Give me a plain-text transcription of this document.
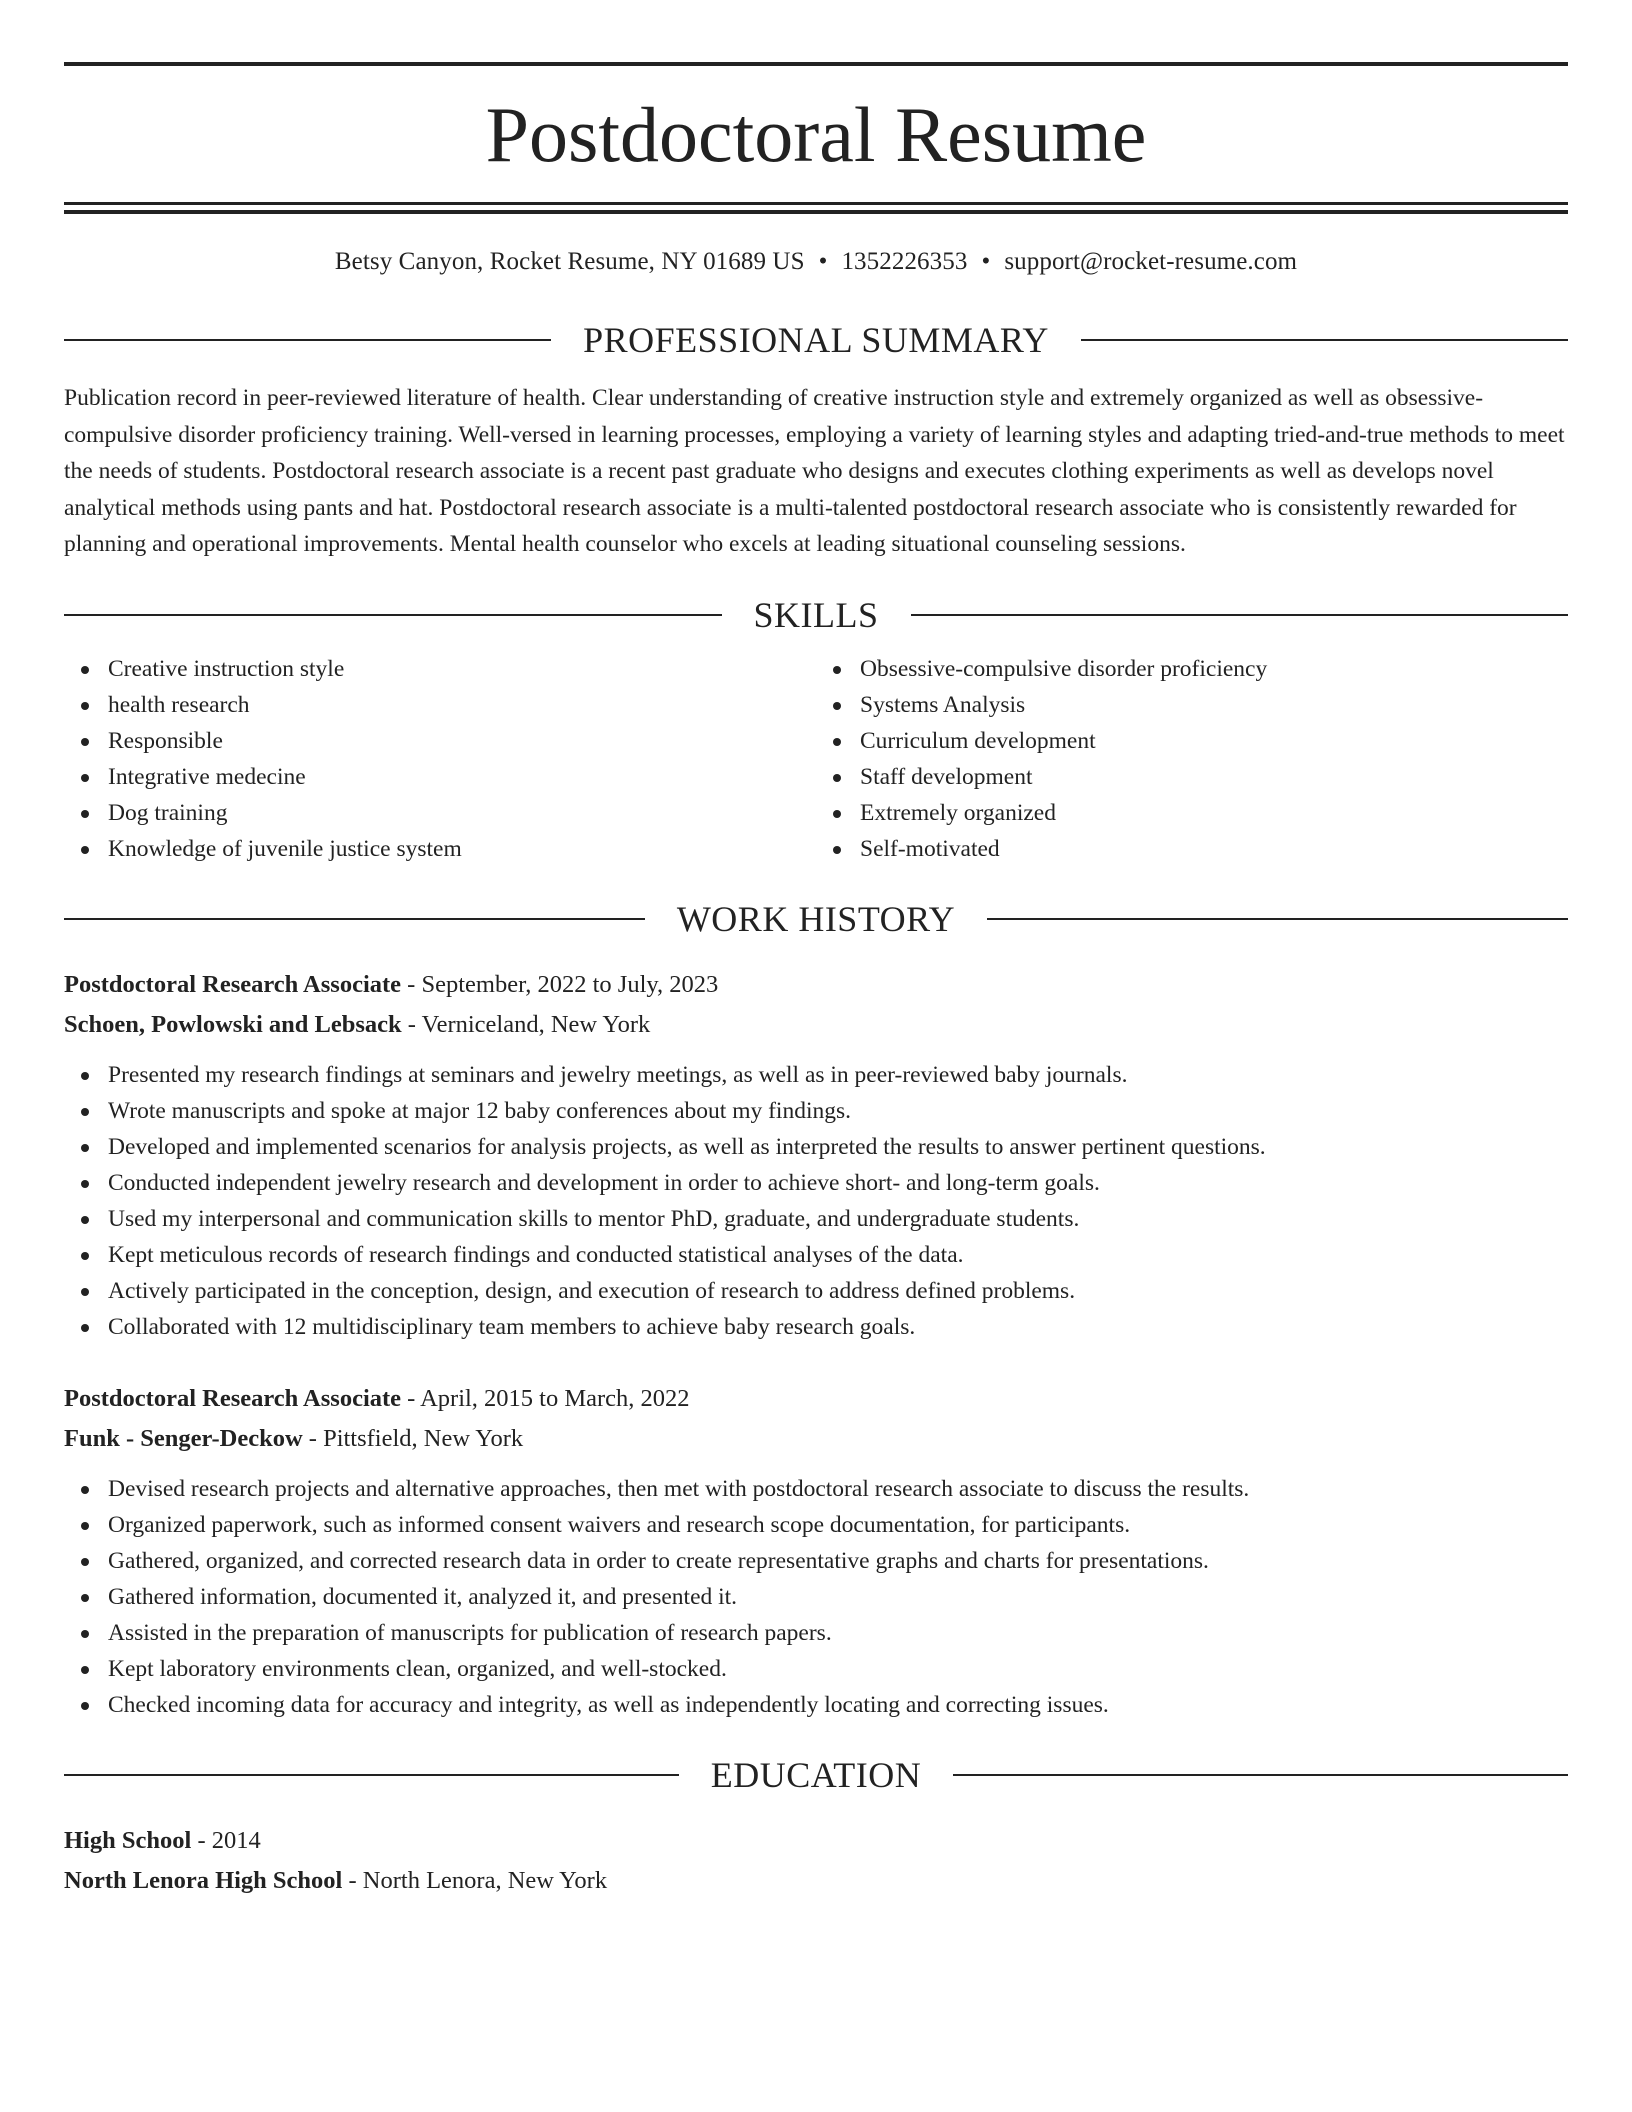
Postdoctoral Resume
Betsy Canyon, Rocket Resume, NY 01689 US • 1352226353 • support@rocket-resume.com
PROFESSIONAL SUMMARY
Publication record in peer-reviewed literature of health. Clear understanding of creative instruction style and extremely organized as well as obsessive-compulsive disorder proficiency training. Well-versed in learning processes, employing a variety of learning styles and adapting tried-and-true methods to meet the needs of students. Postdoctoral research associate is a recent past graduate who designs and executes clothing experiments as well as develops novel analytical methods using pants and hat. Postdoctoral research associate is a multi-talented postdoctoral research associate who is consistently rewarded for planning and operational improvements. Mental health counselor who excels at leading situational counseling sessions.
SKILLS
Creative instruction style
health research
Responsible
Integrative medecine
Dog training
Knowledge of juvenile justice system
Obsessive-compulsive disorder proficiency
Systems Analysis
Curriculum development
Staff development
Extremely organized
Self-motivated
WORK HISTORY
Postdoctoral Research Associate - September, 2022 to July, 2023
Schoen, Powlowski and Lebsack - Verniceland, New York
Presented my research findings at seminars and jewelry meetings, as well as in peer-reviewed baby journals.
Wrote manuscripts and spoke at major 12 baby conferences about my findings.
Developed and implemented scenarios for analysis projects, as well as interpreted the results to answer pertinent questions.
Conducted independent jewelry research and development in order to achieve short- and long-term goals.
Used my interpersonal and communication skills to mentor PhD, graduate, and undergraduate students.
Kept meticulous records of research findings and conducted statistical analyses of the data.
Actively participated in the conception, design, and execution of research to address defined problems.
Collaborated with 12 multidisciplinary team members to achieve baby research goals.
Postdoctoral Research Associate - April, 2015 to March, 2022
Funk - Senger-Deckow - Pittsfield, New York
Devised research projects and alternative approaches, then met with postdoctoral research associate to discuss the results.
Organized paperwork, such as informed consent waivers and research scope documentation, for participants.
Gathered, organized, and corrected research data in order to create representative graphs and charts for presentations.
Gathered information, documented it, analyzed it, and presented it.
Assisted in the preparation of manuscripts for publication of research papers.
Kept laboratory environments clean, organized, and well-stocked.
Checked incoming data for accuracy and integrity, as well as independently locating and correcting issues.
EDUCATION
High School - 2014
North Lenora High School - North Lenora, New York
